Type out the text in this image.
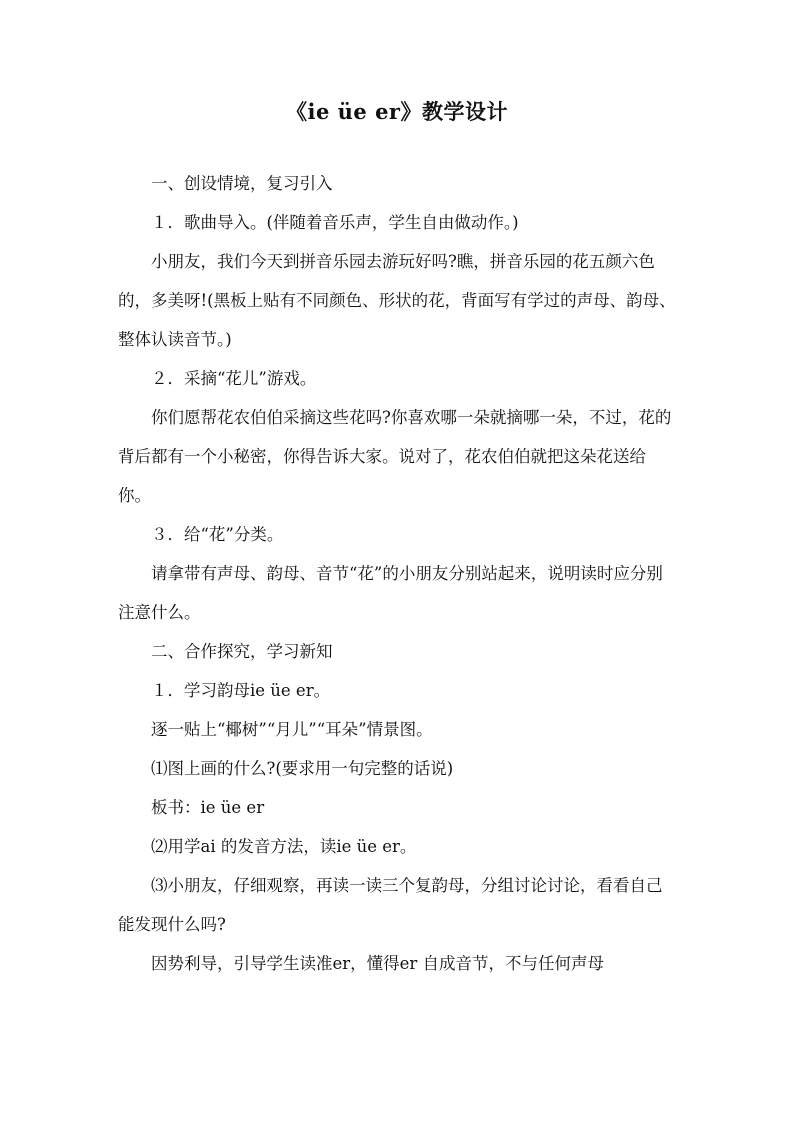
《ie üe er》教学设计

一、创设情境，复习引入

１．歌曲导入。(伴随着音乐声，学生自由做动作。)

小朋友，我们今天到拼音乐园去游玩好吗?瞧，拼音乐园的花五颜六色的，多美呀!(黑板上贴有不同颜色、形状的花，背面写有学过的声母、韵母、整体认读音节。)

２．采摘“花儿”游戏。

你们愿帮花农伯伯采摘这些花吗?你喜欢哪一朵就摘哪一朵，不过，花的背后都有一个小秘密，你得告诉大家。说对了，花农伯伯就把这朵花送给你。

３．给“花”分类。

请拿带有声母、韵母、音节“花”的小朋友分别站起来，说明读时应分别注意什么。

二、合作探究，学习新知

１．学习韵母ie üe er。

逐一贴上“椰树”“月儿”“耳朵”情景图。

⑴图上画的什么?(要求用一句完整的话说)

板书：ie üe er

⑵用学ai 的发音方法，读ie üe er。

⑶小朋友，仔细观察，再读一读三个复韵母，分组讨论讨论，看看自己能发现什么吗?

因势利导，引导学生读准er，懂得er 自成音节，不与任何声母
